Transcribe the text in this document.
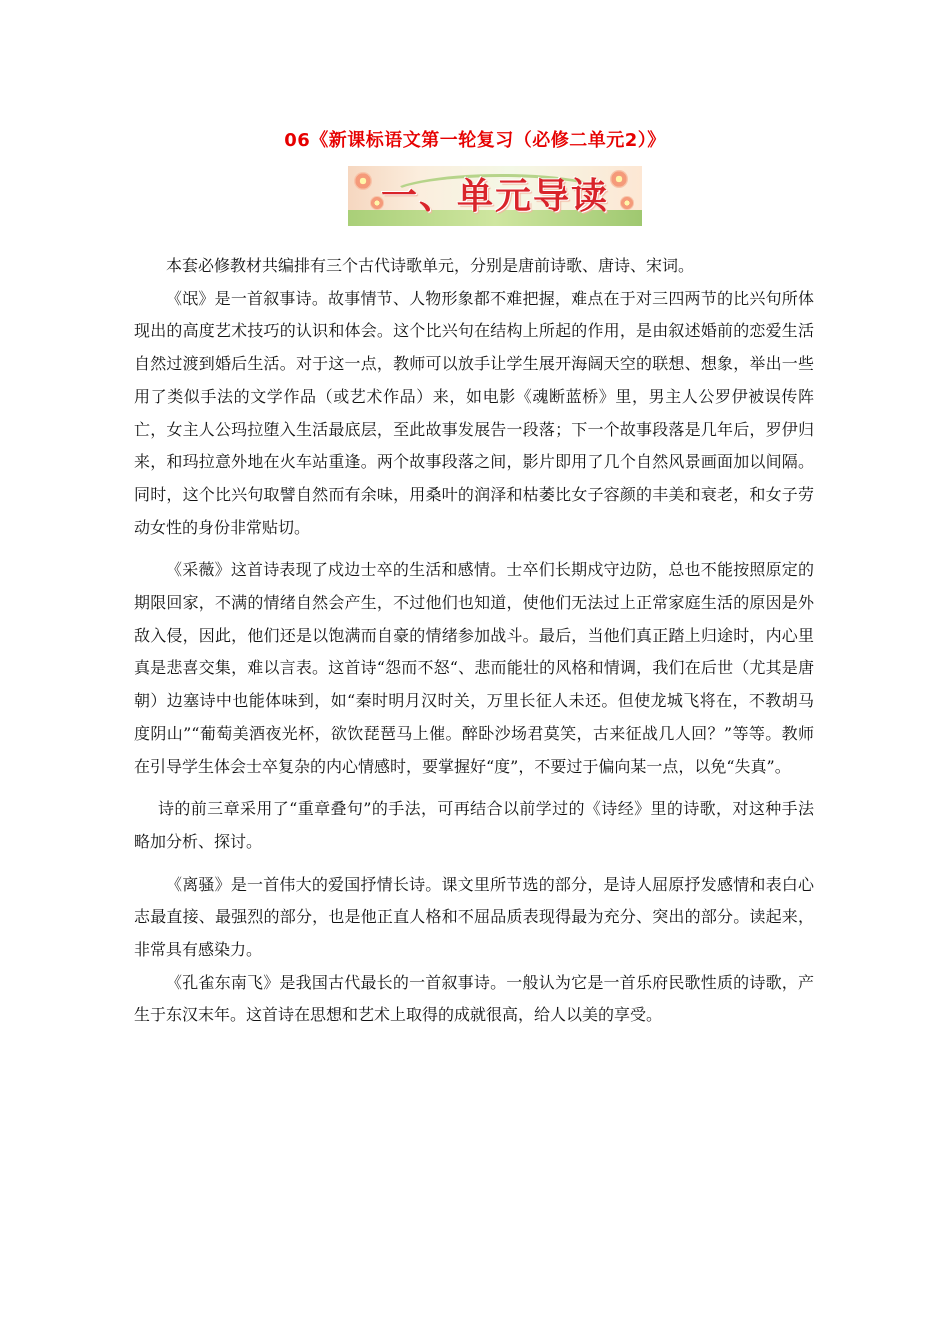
06《新课标语文第一轮复习（必修二单元2）》
一、单元导读

本套必修教材共编排有三个古代诗歌单元，分别是唐前诗歌、唐诗、宋词。

《氓》是一首叙事诗。故事情节、人物形象都不难把握，难点在于对三四两节的比兴句所体现出的高度艺术技巧的认识和体会。这个比兴句在结构上所起的作用，是由叙述婚前的恋爱生活自然过渡到婚后生活。对于这一点，教师可以放手让学生展开海阔天空的联想、想象，举出一些用了类似手法的文学作品（或艺术作品）来，如电影《魂断蓝桥》里，男主人公罗伊被误传阵亡，女主人公玛拉堕入生活最底层，至此故事发展告一段落；下一个故事段落是几年后，罗伊归来，和玛拉意外地在火车站重逢。两个故事段落之间，影片即用了几个自然风景画面加以间隔。同时，这个比兴句取譬自然而有余味，用桑叶的润泽和枯萎比女子容颜的丰美和衰老，和女子劳动女性的身份非常贴切。

《采薇》这首诗表现了戍边士卒的生活和感情。士卒们长期戍守边防，总也不能按照原定的期限回家，不满的情绪自然会产生，不过他们也知道，使他们无法过上正常家庭生活的原因是外敌入侵，因此，他们还是以饱满而自豪的情绪参加战斗。最后，当他们真正踏上归途时，内心里真是悲喜交集，难以言表。这首诗“怨而不怒“、悲而能壮的风格和情调，我们在后世（尤其是唐朝）边塞诗中也能体味到，如“秦时明月汉时关，万里长征人未还。但使龙城飞将在，不教胡马度阴山”“葡萄美酒夜光杯，欲饮琵琶马上催。醉卧沙场君莫笑，古来征战几人回？”等等。教师在引导学生体会士卒复杂的内心情感时，要掌握好“度”，不要过于偏向某一点，以免“失真”。

诗的前三章采用了“重章叠句”的手法，可再结合以前学过的《诗经》里的诗歌，对这种手法略加分析、探讨。

《离骚》是一首伟大的爱国抒情长诗。课文里所节选的部分，是诗人屈原抒发感情和表白心志最直接、最强烈的部分，也是他正直人格和不屈品质表现得最为充分、突出的部分。读起来，非常具有感染力。

《孔雀东南飞》是我国古代最长的一首叙事诗。一般认为它是一首乐府民歌性质的诗歌，产生于东汉末年。这首诗在思想和艺术上取得的成就很高，给人以美的享受。
